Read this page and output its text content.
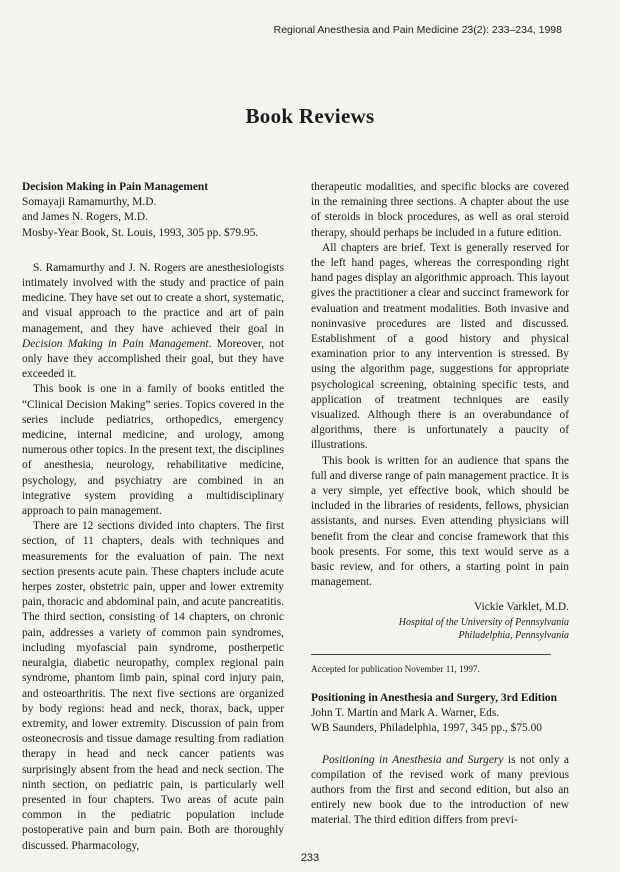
Regional Anesthesia and Pain Medicine 23(2): 233–234, 1998
Book Reviews
Decision Making in Pain Management
Somayaji Ramamurthy, M.D.
and James N. Rogers, M.D.
Mosby-Year Book, St. Louis, 1993, 305 pp. $79.95.

S. Ramamurthy and J. N. Rogers are anesthesiologists intimately involved with the study and practice of pain medicine. They have set out to create a short, systematic, and visual approach to the practice and art of pain management, and they have achieved their goal in Decision Making in Pain Management. Moreover, not only have they accomplished their goal, but they have exceeded it.

This book is one in a family of books entitled the “Clinical Decision Making” series. Topics covered in the series include pediatrics, orthopedics, emergency medicine, internal medicine, and urology, among numerous other topics. In the present text, the disciplines of anesthesia, neurology, rehabilitative medicine, psychology, and psychiatry are combined in an integrative system providing a multidisciplinary approach to pain management.

There are 12 sections divided into chapters. The first section, of 11 chapters, deals with techniques and measurements for the evaluation of pain. The next section presents acute pain. These chapters include acute herpes zoster, obstetric pain, upper and lower extremity pain, thoracic and abdominal pain, and acute pancreatitis. The third section, consisting of 14 chapters, on chronic pain, addresses a variety of common pain syndromes, including myofascial pain syndrome, postherpetic neuralgia, diabetic neuropathy, complex regional pain syndrome, phantom limb pain, spinal cord injury pain, and osteoarthritis. The next five sections are organized by body regions: head and neck, thorax, back, upper extremity, and lower extremity. Discussion of pain from osteonecrosis and tissue damage resulting from radiation therapy in head and neck cancer patients was surprisingly absent from the head and neck section. The ninth section, on pediatric pain, is particularly well presented in four chapters. Two areas of acute pain common in the pediatric population include postoperative pain and burn pain. Both are thoroughly discussed. Pharmacology,

therapeutic modalities, and specific blocks are covered in the remaining three sections. A chapter about the use of steroids in block procedures, as well as oral steroid therapy, should perhaps be included in a future edition.

All chapters are brief. Text is generally reserved for the left hand pages, whereas the corresponding right hand pages display an algorithmic approach. This layout gives the practitioner a clear and succinct framework for evaluation and treatment modalities. Both invasive and noninvasive procedures are listed and discussed. Establishment of a good history and physical examination prior to any intervention is stressed. By using the algorithm page, suggestions for appropriate psychological screening, obtaining specific tests, and application of treatment techniques are easily visualized. Although there is an overabundance of algorithms, there is unfortunately a paucity of illustrations.

This book is written for an audience that spans the full and diverse range of pain management practice. It is a very simple, yet effective book, which should be included in the libraries of residents, fellows, physician assistants, and nurses. Even attending physicians will benefit from the clear and concise framework that this book presents. For some, this text would serve as a basic review, and for others, a starting point in pain management.

Vickie Varklet, M.D.
Hospital of the University of Pennsylvania
Philadelphia, Pennsylvania
Accepted for publication November 11, 1997.
Positioning in Anesthesia and Surgery, 3rd Edition
John T. Martin and Mark A. Warner, Eds.
WB Saunders, Philadelphia, 1997, 345 pp., $75.00

Positioning in Anesthesia and Surgery is not only a compilation of the revised work of many previous authors from the first and second edition, but also an entirely new book due to the introduction of new material. The third edition differs from previ-

233
